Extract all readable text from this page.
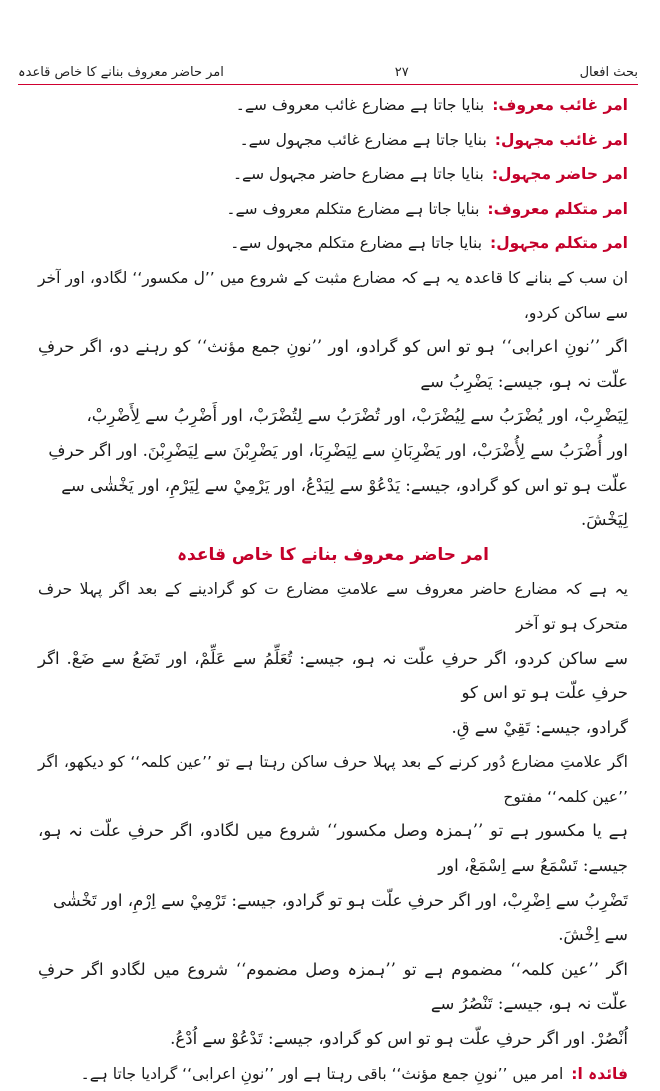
بحث افعال
۲۷
امر حاضر معروف بنانے کا خاص قاعدہ
امر غائب معروف:
بنایا جاتا ہے مضارع غائب معروف سے۔
امر غائب مجہول:
بنایا جاتا ہے مضارع غائب مجہول سے۔
امر حاضر مجہول:
بنایا جاتا ہے مضارع حاضر مجہول سے۔
امر متکلم معروف:
بنایا جاتا ہے مضارع متکلم معروف سے۔
امر متکلم مجہول:
بنایا جاتا ہے مضارع متکلم مجہول سے۔

ان سب کے بنانے کا قاعدہ یہ ہے کہ مضارع مثبت کے شروع میں ’’ل مکسور‘‘ لگادو، اور آخر سے ساکن کردو،

اگر ’’نونِ اعرابی‘‘ ہو تو اس کو گرادو، اور ’’نونِ جمع مؤنث‘‘ کو رہنے دو، اگر حرفِ علّت نہ ہو، جیسے: يَضْرِبُ سے

لِيَضْرِبْ، اور يُضْرَبُ سے لِيُضْرَبْ، اور تُضْرَبُ سے لِتُضْرَبْ، اور أَضْرِبُ سے لِأَضْرِبْ،

اور أُضْرَبُ سے لِأُضْرَبْ، اور يَضْرِبَانِ سے لِيَضْرِبَا، اور يَضْرِبْنَ سے لِيَضْرِبْنَ. اور اگر حرفِ

علّت ہو تو اس کو گرادو، جیسے: يَدْعُوْ سے لِيَدْعُ، اور يَرْمِيْ سے لِيَرْمِ، اور يَخْشٰى سے لِيَخْشَ.

امر حاضر معروف بنانے کا خاص قاعدہ

یہ ہے کہ مضارع حاضر معروف سے علامتِ مضارع ت کو گرادینے کے بعد اگر پہلا حرف متحرک ہو تو آخر

سے ساکن کردو، اگر حرفِ علّت نہ ہو، جیسے: تُعَلِّمُ سے عَلِّمْ، اور تَضَعُ سے ضَعْ. اگر حرفِ علّت ہو تو اس کو

گرادو، جیسے: تَقِيْ سے قِ.

اگر علامتِ مضارع دُور کرنے کے بعد پہلا حرف ساکن رہتا ہے تو ’’عین کلمہ‘‘ کو دیکھو، اگر ’’عین کلمہ‘‘ مفتوح

ہے یا مکسور ہے تو ’’ہمزہ وصل مکسور‘‘ شروع میں لگادو، اگر حرفِ علّت نہ ہو، جیسے: تَسْمَعُ سے اِسْمَعْ، اور

تَضْرِبُ سے اِضْرِبْ، اور اگر حرفِ علّت ہو تو گرادو، جیسے: تَرْمِيْ سے اِرْمِ، اور تَخْشٰى سے اِخْشَ.

اگر ’’عین کلمہ‘‘ مضموم ہے تو ’’ہمزہ وصل مضموم‘‘ شروع میں لگادو اگر حرفِ علّت نہ ہو، جیسے: تَنْصُرُ سے

اُنْصُرْ. اور اگر حرفِ علّت ہو تو اس کو گرادو، جیسے: تَدْعُوْ سے اُدْعُ.

فائدہ ا:
امر میں ’’نونِ جمع مؤنث‘‘ باقی رہتا ہے اور ’’نونِ اعرابی‘‘ گرادیا جاتا ہے۔
